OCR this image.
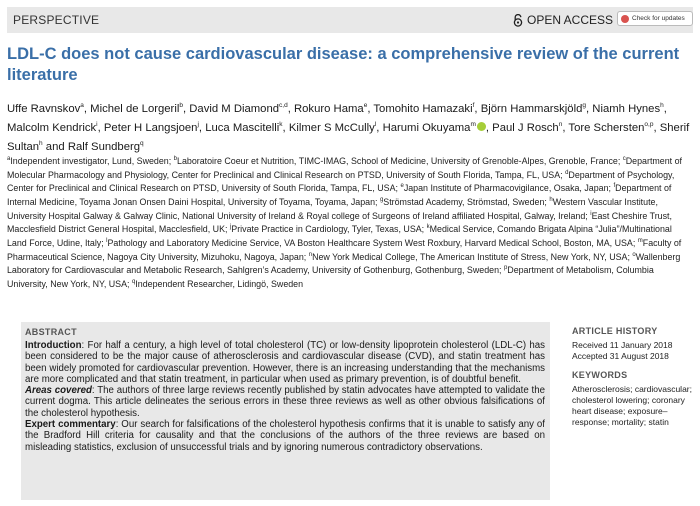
PERSPECTIVE	OPEN ACCESS	Check for updates
LDL-C does not cause cardiovascular disease: a comprehensive review of the current literature
Uffe Ravnskov$^a$, Michel de Lorgeril$^b$, David M Diamond$^{c,d}$, Rokuro Hama$^e$, Tomohito Hamazaki$^f$, Björn Hammarskjöld$^g$, Niamh Hynes$^h$, Malcolm Kendrick$^i$, Peter H Langsjoen$^j$, Luca Mascitelli$^k$, Kilmer S McCully$^l$, Harumi Okuyama$^m$ , Paul J Rosch$^n$, Tore Schersten$^{o,p}$, Sherif Sultan$^h$ and Ralf Sundberg$^q$
$^a$Independent investigator, Lund, Sweden; $^b$Laboratoire Coeur et Nutrition, TIMC-IMAG, School of Medicine, University of Grenoble-Alpes, Grenoble, France; $^c$Department of Molecular Pharmacology and Physiology, Center for Preclinical and Clinical Research on PTSD, University of South Florida, Tampa, FL, USA; $^d$Department of Psychology, Center for Preclinical and Clinical Research on PTSD, University of South Florida, Tampa, FL, USA; $^e$Japan Institute of Pharmacovigilance, Osaka, Japan; $^f$Department of Internal Medicine, Toyama Jonan Onsen Daini Hospital, University of Toyama, Toyama, Japan; $^g$Strömstad Academy, Strömstad, Sweden; $^h$Western Vascular Institute, University Hospital Galway & Galway Clinic, National University of Ireland & Royal college of Surgeons of Ireland affiliated Hospital, Galway, Ireland; $^i$East Cheshire Trust, Macclesfield District General Hospital, Macclesfield, UK; $^j$Private Practice in Cardiology, Tyler, Texas, USA; $^k$Medical Service, Comando Brigata Alpina “Julia”/Multinational Land Force, Udine, Italy; $^l$Pathology and Laboratory Medicine Service, VA Boston Healthcare System West Roxbury, Harvard Medical School, Boston, MA, USA; $^m$Faculty of Pharmaceutical Science, Nagoya City University, Mizuhoku, Nagoya, Japan; $^n$New York Medical College, The American Institute of Stress, New York, NY, USA; $^o$Wallenberg Laboratory for Cardiovascular and Metabolic Research, Sahlgren’s Academy, University of Gothenburg, Gothenburg, Sweden; $^p$Department of Metabolism, Columbia University, New York, NY, USA; $^q$Independent Researcher, Lidingö, Sweden
ABSTRACT
Introduction: For half a century, a high level of total cholesterol (TC) or low-density lipoprotein cholesterol (LDL-C) has been considered to be the major cause of atherosclerosis and cardiovascular disease (CVD), and statin treatment has been widely promoted for cardiovascular prevention. However, there is an increasing understanding that the mechanisms are more complicated and that statin treatment, in particular when used as primary prevention, is of doubtful benefit.
Areas covered: The authors of three large reviews recently published by statin advocates have attempted to validate the current dogma. This article delineates the serious errors in these three reviews as well as other obvious falsifications of the cholesterol hypothesis.
Expert commentary: Our search for falsifications of the cholesterol hypothesis confirms that it is unable to satisfy any of the Bradford Hill criteria for causality and that the conclusions of the authors of the three reviews are based on misleading statistics, exclusion of unsuccessful trials and by ignoring numerous contradictory observations.
ARTICLE HISTORY
Received 11 January 2018
Accepted 31 August 2018
KEYWORDS
Atherosclerosis; cardiovascular; cholesterol lowering; coronary heart disease; exposure–response; mortality; statin
